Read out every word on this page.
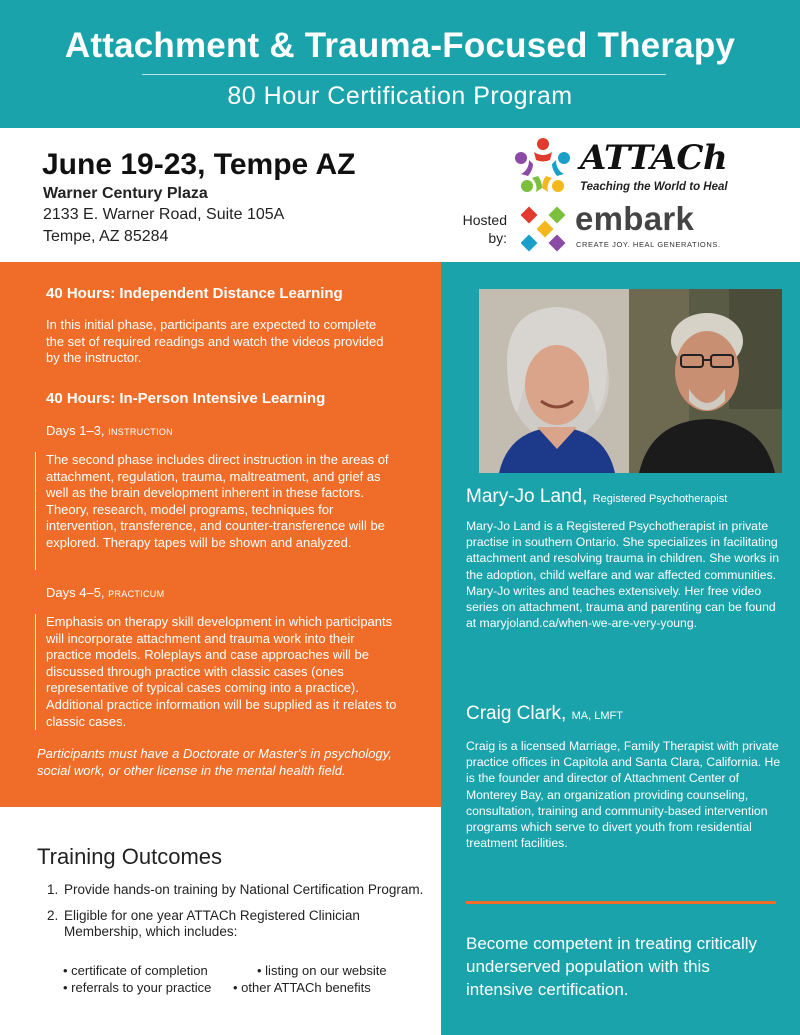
Attachment & Trauma-Focused Therapy
80 Hour Certification Program
June 19-23, Tempe AZ
Warner Century Plaza
2133 E. Warner Road, Suite 105A
Tempe, AZ 85284
ATTACh
Teaching the World to Heal
Hosted by:
embark
CREATE JOY. HEAL GENERATIONS.
40 Hours: Independent Distance Learning
In this initial phase, participants are expected to complete the set of required readings and watch the videos provided by the instructor.
40 Hours: In-Person Intensive Learning
Days 1–3, INSTRUCTION
The second phase includes direct instruction in the areas of attachment, regulation, trauma, maltreatment, and grief as well as the brain development inherent in these factors. Theory, research, model programs, techniques for intervention, transference, and counter-transference will be explored. Therapy tapes will be shown and analyzed.
Days 4–5, PRACTICUM
Emphasis on therapy skill development in which participants will incorporate attachment and trauma work into their practice models. Roleplays and case approaches will be discussed through practice with classic cases (ones representative of typical cases coming into a practice). Additional practice information will be supplied as it relates to classic cases.
Participants must have a Doctorate or Master's in psychology, social work, or other license in the mental health field.
Training Outcomes
1. Provide hands-on training by National Certification Program.
2. Eligible for one year ATTACh Registered Clinician Membership, which includes:
• certificate of completion	• listing on our website
• referrals to your practice • other ATTACh benefits
Mary-Jo Land, Registered Psychotherapist
Mary-Jo Land is a Registered Psychotherapist in private practise in southern Ontario. She specializes in facilitating attachment and resolving trauma in children. She works in the adoption, child welfare and war affected communities. Mary-Jo writes and teaches extensively. Her free video series on attachment, trauma and parenting can be found at maryjoland.ca/when-we-are-very-young.
Craig Clark, MA, LMFT
Craig is a licensed Marriage, Family Therapist with private practice offices in Capitola and Santa Clara, California. He is the founder and director of Attachment Center of Monterey Bay, an organization providing counseling, consultation, training and community-based intervention programs which serve to divert youth from residential treatment facilities.
Become competent in treating critically underserved population with this intensive certification.
